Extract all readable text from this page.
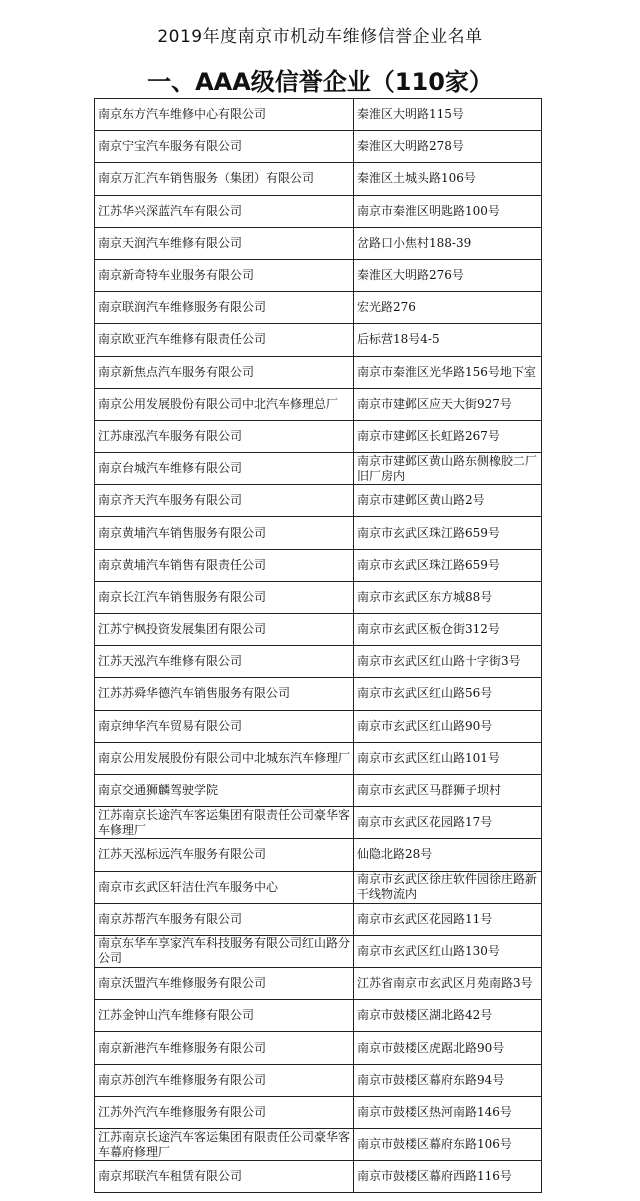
2019年度南京市机动车维修信誉企业名单
一、AAA级信誉企业（110家）
南京东方汽车维修中心有限公司	秦淮区大明路115号
南京宁宝汽车服务有限公司	秦淮区大明路278号
南京万汇汽车销售服务（集团）有限公司	秦淮区土城头路106号
江苏华兴深蓝汽车有限公司	南京市秦淮区明匙路100号
南京天润汽车维修有限公司	岔路口小焦村188-39
南京新奇特车业服务有限公司	秦淮区大明路276号
南京联润汽车维修服务有限公司	宏光路276
南京欧亚汽车维修有限责任公司	后标营18号4-5
南京新焦点汽车服务有限公司	南京市秦淮区光华路156号地下室
南京公用发展股份有限公司中北汽车修理总厂	南京市建邺区应天大街927号
江苏康泓汽车服务有限公司	南京市建邺区长虹路267号
南京台城汽车维修有限公司	南京市建邺区黄山路东侧橡胶二厂旧厂房内
南京齐天汽车服务有限公司	南京市建邺区黄山路2号
南京黄埔汽车销售服务有限公司	南京市玄武区珠江路659号
南京黄埔汽车销售有限责任公司	南京市玄武区珠江路659号
南京长江汽车销售服务有限公司	南京市玄武区东方城88号
江苏宁枫投资发展集团有限公司	南京市玄武区板仓街312号
江苏天泓汽车维修有限公司	南京市玄武区红山路十字街3号
江苏苏舜华德汽车销售服务有限公司	南京市玄武区红山路56号
南京绅华汽车贸易有限公司	南京市玄武区红山路90号
南京公用发展股份有限公司中北城东汽车修理厂	南京市玄武区红山路101号
南京交通狮麟驾驶学院	南京市玄武区马群狮子坝村
江苏南京长途汽车客运集团有限责任公司豪华客车修理厂	南京市玄武区花园路17号
江苏天泓标远汽车服务有限公司	仙隐北路28号
南京市玄武区轩洁仕汽车服务中心	南京市玄武区徐庄软件园徐庄路新干线物流内
南京苏帮汽车服务有限公司	南京市玄武区花园路11号
南京东华车享家汽车科技服务有限公司红山路分公司	南京市玄武区红山路130号
南京沃盟汽车维修服务有限公司	江苏省南京市玄武区月苑南路3号
江苏金钟山汽车维修有限公司	南京市鼓楼区湖北路42号
南京新港汽车维修服务有限公司	南京市鼓楼区虎踞北路90号
南京苏创汽车维修服务有限公司	南京市鼓楼区幕府东路94号
江苏外汽汽车维修服务有限公司	南京市鼓楼区热河南路146号
江苏南京长途汽车客运集团有限责任公司豪华客车幕府修理厂	南京市鼓楼区幕府东路106号
南京邦联汽车租赁有限公司	南京市鼓楼区幕府西路116号
